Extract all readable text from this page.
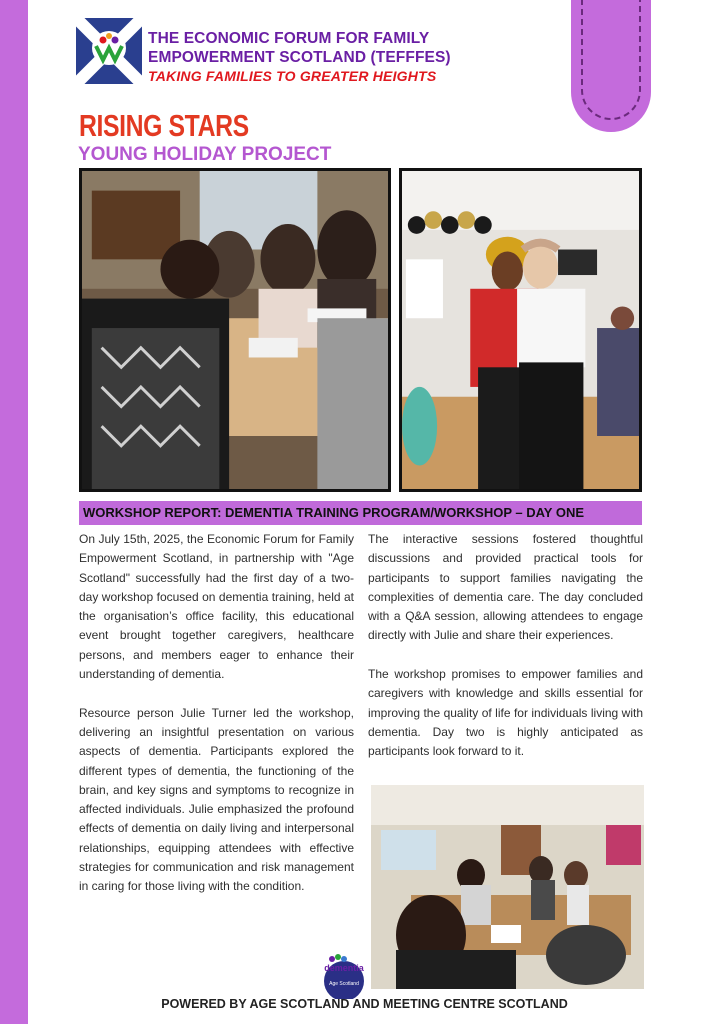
THE ECONOMIC FORUM FOR FAMILY
EMPOWERMENT SCOTLAND (TEFFFES)
TAKING FAMILIES TO GREATER HEIGHTS
RISING STARS
YOUNG HOLIDAY PROJECT
WORKSHOP REPORT: DEMENTIA TRAINING PROGRAM/WORKSHOP – DAY ONE

On July 15th, 2025, the Economic Forum for Family Empowerment Scotland, in partnership with "Age Scotland" successfully had the first day of a two-day workshop focused on dementia training, held at the organisation’s office facility, this educational event brought together caregivers, healthcare persons, and members eager to enhance their understanding of dementia.

Resource person Julie Turner led the workshop, delivering an insightful presentation on various aspects of dementia. Participants explored the different types of dementia, the functioning of the brain, and key signs and symptoms to recognize in affected individuals. Julie emphasized the profound effects of dementia on daily living and interpersonal relationships, equipping attendees with effective strategies for communication and risk management in caring for those living with the condition.

The interactive sessions fostered thoughtful discussions and provided practical tools for participants to support families navigating the complexities of dementia care. The day concluded with a Q&A session, allowing attendees to engage directly with Julie and share their experiences.

The workshop promises to empower families and caregivers with knowledge and skills essential for improving the quality of life for individuals living with dementia. Day two is highly anticipated as participants look forward to it.

dementia
Age Scotland
POWERED BY AGE SCOTLAND AND MEETING CENTRE SCOTLAND
